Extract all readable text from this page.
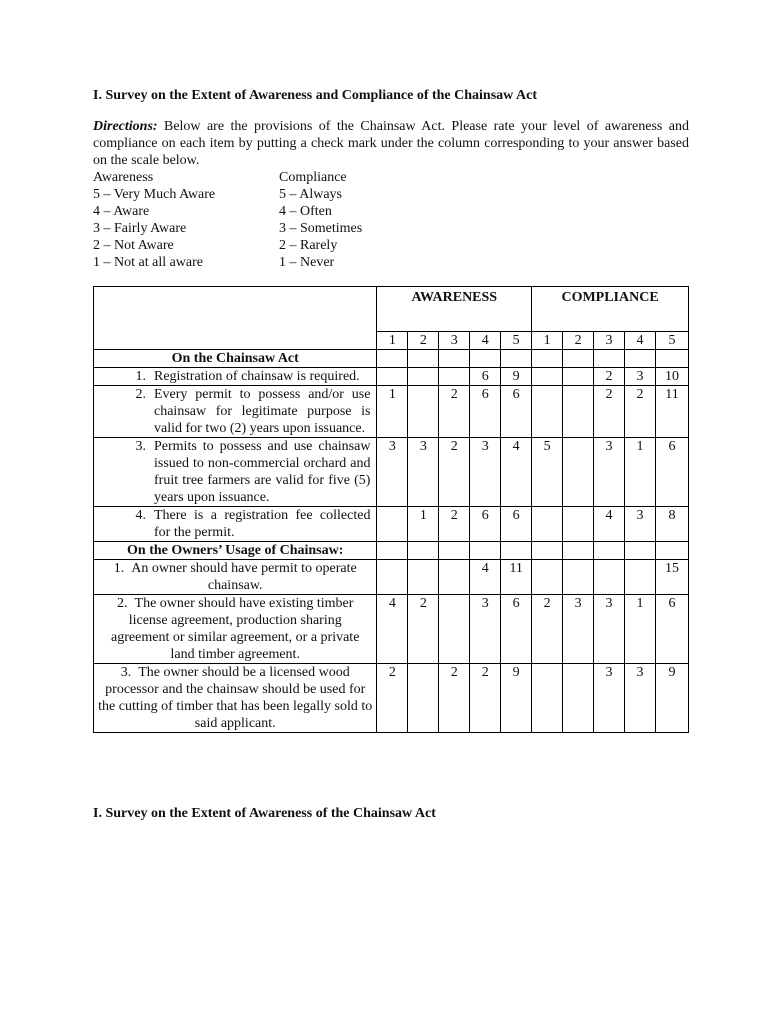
I. Survey on the Extent of Awareness and Compliance of the Chainsaw Act

Directions: Below are the provisions of the Chainsaw Act. Please rate your level of awareness and compliance on each item by putting a check mark under the column corresponding to your answer based on the scale below.
Awareness	Compliance
5 – Very Much Aware	5 – Always
4 – Aware	4 – Often
3 – Fairly Aware	3 – Sometimes
2 – Not Aware	2 – Rarely
1 – Not at all aware	1 – Never
	AWARENESS					COMPLIANCE				
	1	2	3	4	5	1	2	3	4	5
On the Chainsaw Act										

1. Registration of chainsaw is required.				6	9			2	3	10

2. Every permit to possess and/or use chainsaw for legitimate purpose is valid for two (2) years upon issuance.	1		2	6	6			2	2	11

3. Permits to possess and use chainsaw issued to non-commercial orchard and fruit tree farmers are valid for five (5) years upon issuance.	3	3	2	3	4	5		3	1	6

4. There is a registration fee collected for the permit.		1	2	6	6			4	3	8
On the Owners’ Usage of Chainsaw:										

1. An owner should have permit to operate chainsaw.				4	11					15

2. The owner should have existing timber license agreement, production sharing agreement or similar agreement, or a private land timber agreement.	4	2		3	6	2	3	3	1	6

3. The owner should be a licensed wood processor and the chainsaw should be used for the cutting of timber that has been legally sold to said applicant.	2		2	2	9			3	3	9
I. Survey on the Extent of Awareness of the Chainsaw Act
